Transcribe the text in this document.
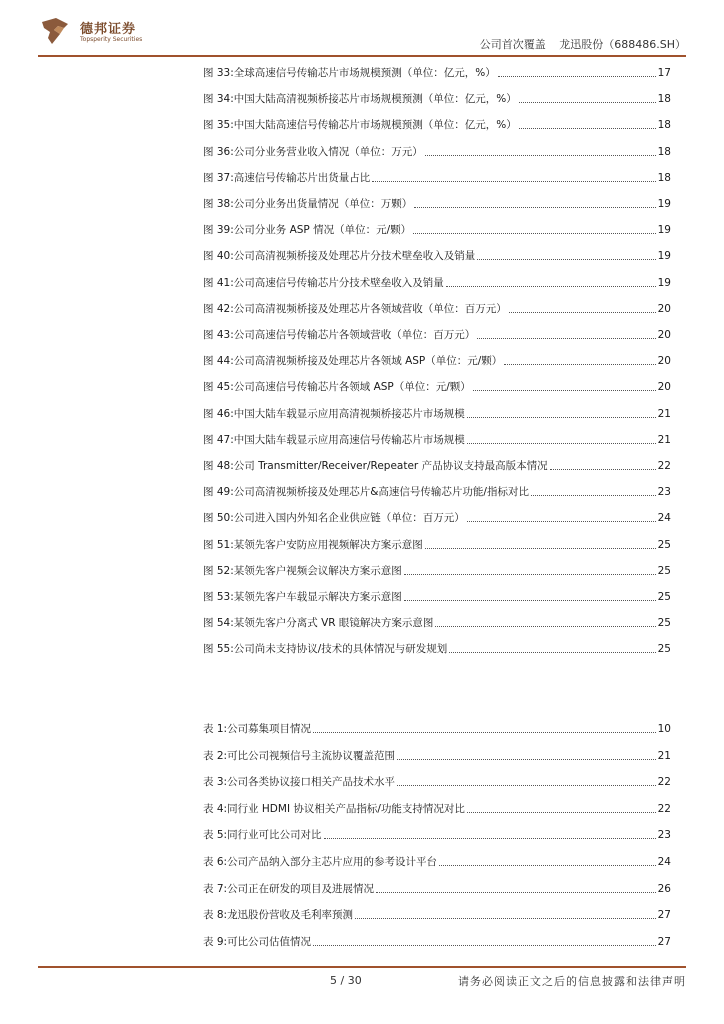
德邦证券
Topsperity Securities	公司首次覆盖 龙迅股份（688486.SH）
图 33: 全球高速信号传输芯片市场规模预测（单位：亿元，%）	17
图 34: 中国大陆高清视频桥接芯片市场规模预测（单位：亿元，%）	18
图 35: 中国大陆高速信号传输芯片市场规模预测（单位：亿元，%）	18
图 36: 公司分业务营业收入情况（单位：万元）	18
图 37: 高速信号传输芯片出货量占比	18
图 38: 公司分业务出货量情况（单位：万颗）	19
图 39: 公司分业务 ASP 情况（单位：元/颗）	19
图 40: 公司高清视频桥接及处理芯片分技术壁垒收入及销量	19
图 41: 公司高速信号传输芯片分技术壁垒收入及销量	19
图 42: 公司高清视频桥接及处理芯片各领域营收（单位：百万元）	20
图 43: 公司高速信号传输芯片各领域营收（单位：百万元）	20
图 44: 公司高清视频桥接及处理芯片各领域 ASP（单位：元/颗）	20
图 45: 公司高速信号传输芯片各领域 ASP（单位：元/颗）	20
图 46: 中国大陆车载显示应用高清视频桥接芯片市场规模	21
图 47: 中国大陆车载显示应用高速信号传输芯片市场规模	21
图 48: 公司 Transmitter/Receiver/Repeater 产品协议支持最高版本情况	22
图 49: 公司高清视频桥接及处理芯片&高速信号传输芯片功能/指标对比	23
图 50: 公司进入国内外知名企业供应链（单位：百万元）	24
图 51: 某领先客户安防应用视频解决方案示意图	25
图 52: 某领先客户视频会议解决方案示意图	25
图 53: 某领先客户车载显示解决方案示意图	25
图 54: 某领先客户分离式 VR 眼镜解决方案示意图	25
图 55: 公司尚未支持协议/技术的具体情况与研发规划	25
表 1: 公司募集项目情况	10
表 2: 可比公司视频信号主流协议覆盖范围	21
表 3: 公司各类协议接口相关产品技术水平	22
表 4: 同行业 HDMI 协议相关产品指标/功能支持情况对比	22
表 5: 同行业可比公司对比	23
表 6: 公司产品纳入部分主芯片应用的参考设计平台	24
表 7: 公司正在研发的项目及进展情况	26
表 8: 龙迅股份营收及毛利率预测	27
表 9: 可比公司估值情况	27
5 / 30	请务必阅读正文之后的信息披露和法律声明
